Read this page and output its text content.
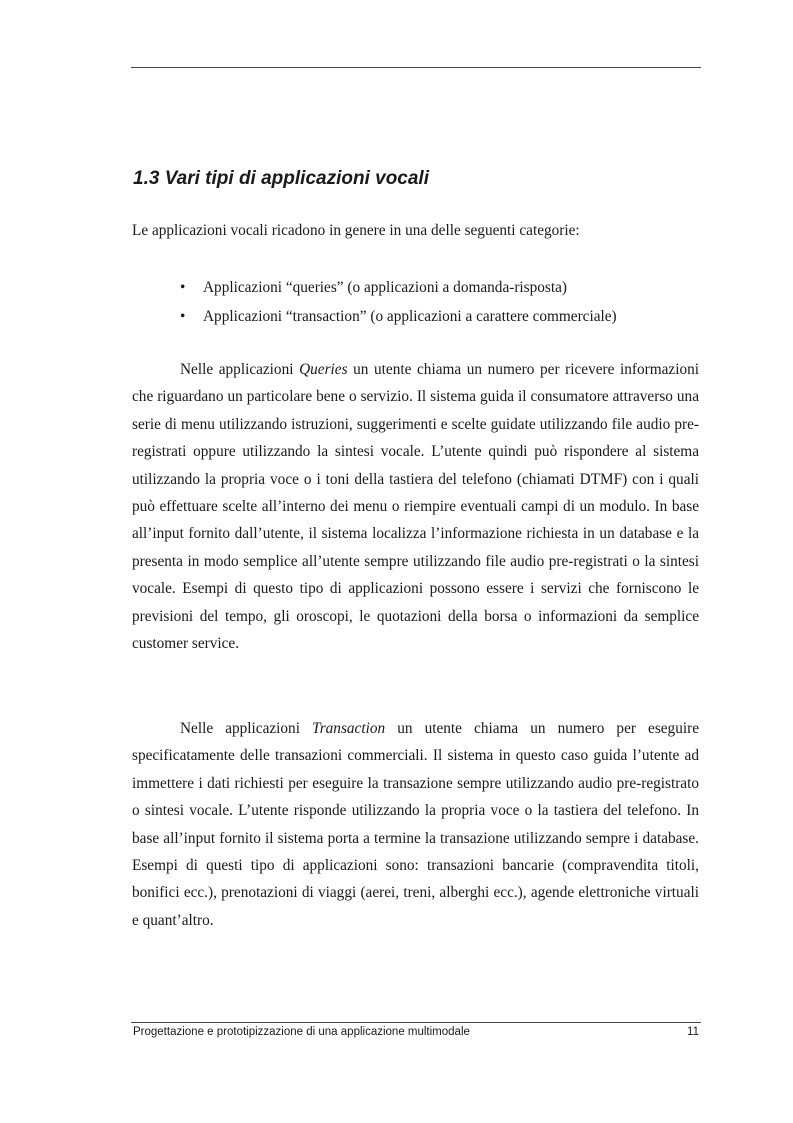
1.3 Vari tipi di applicazioni vocali

Le applicazioni vocali ricadono in genere in una delle seguenti categorie:

• Applicazioni “queries” (o applicazioni a domanda-risposta)
• Applicazioni “transaction” (o applicazioni a carattere commerciale)

Nelle applicazioni Queries un utente chiama un numero per ricevere informazioni che riguardano un particolare bene o servizio. Il sistema guida il consumatore attraverso una serie di menu utilizzando istruzioni, suggerimenti e scelte guidate utilizzando file audio pre-registrati oppure utilizzando la sintesi vocale. L’utente quindi può rispondere al sistema utilizzando la propria voce o i toni della tastiera del telefono (chiamati DTMF) con i quali può effettuare scelte all’interno dei menu o riempire eventuali campi di un modulo. In base all’input fornito dall’utente, il sistema localizza l’informazione richiesta in un database e la presenta in modo semplice all’utente sempre utilizzando file audio pre-registrati o la sintesi vocale. Esempi di questo tipo di applicazioni possono essere i servizi che forniscono le previsioni del tempo, gli oroscopi, le quotazioni della borsa o informazioni da semplice customer service.

Nelle applicazioni Transaction un utente chiama un numero per eseguire specificatamente delle transazioni commerciali. Il sistema in questo caso guida l’utente ad immettere i dati richiesti per eseguire la transazione sempre utilizzando audio pre-registrato o sintesi vocale. L’utente risponde utilizzando la propria voce o la tastiera del telefono. In base all’input fornito il sistema porta a termine la transazione utilizzando sempre i database. Esempi di questi tipo di applicazioni sono: transazioni bancarie (compravendita titoli, bonifici ecc.), prenotazioni di viaggi (aerei, treni, alberghi ecc.), agende elettroniche virtuali e quant’altro.

Progettazione e prototipizzazione di una applicazione multimodale	11
